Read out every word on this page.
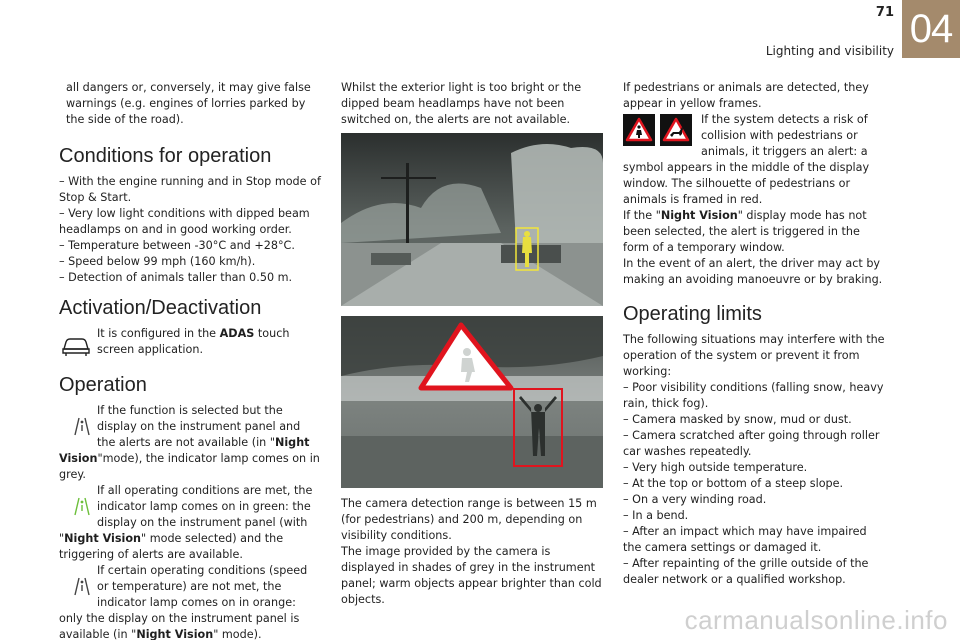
71
Lighting and visibility
04

all dangers or, conversely, it may give false warnings (e.g. engines of lorries parked by the side of the road).

Conditions for operation

– With the engine running and in Stop mode of Stop & Start.

– Very low light conditions with dipped beam headlamps on and in good working order.

– Temperature between -30°C and +28°C.

– Speed below 99 mph (160 km/h).

– Detection of animals taller than 0.50 m.

Activation/Deactivation

It is configured in the ADAS touch screen application.

Operation

If the function is selected but the display on the instrument panel and the alerts are not available (in "Night Vision"mode), the indicator lamp comes on in grey.

If all operating conditions are met, the indicator lamp comes on in green: the display on the instrument panel (with "Night Vision" mode selected) and the triggering of alerts are available.

If certain operating conditions (speed or temperature) are not met, the indicator lamp comes on in orange: only the display on the instrument panel is available (in "Night Vision" mode).

Whilst the exterior light is too bright or the dipped beam headlamps have not been switched on, the alerts are not available.

The camera detection range is between 15 m (for pedestrians) and 200 m, depending on visibility conditions.

The image provided by the camera is displayed in shades of grey in the instrument panel; warm objects appear brighter than cold objects.

If pedestrians or animals are detected, they appear in yellow frames.

If the system detects a risk of collision with pedestrians or animals, it triggers an alert: a symbol appears in the middle of the display window. The silhouette of pedestrians or animals is framed in red.

If the "Night Vision" display mode has not been selected, the alert is triggered in the form of a temporary window.

In the event of an alert, the driver may act by making an avoiding manoeuvre or by braking.

Operating limits

The following situations may interfere with the operation of the system or prevent it from working:

– Poor visibility conditions (falling snow, heavy rain, thick fog).

– Camera masked by snow, mud or dust.

– Camera scratched after going through roller car washes repeatedly.

– Very high outside temperature.

– At the top or bottom of a steep slope.

– On a very winding road.

– In a bend.

– After an impact which may have impaired the camera settings or damaged it.

– After repainting of the grille outside of the dealer network or a qualified workshop.

carmanualsonline.info
